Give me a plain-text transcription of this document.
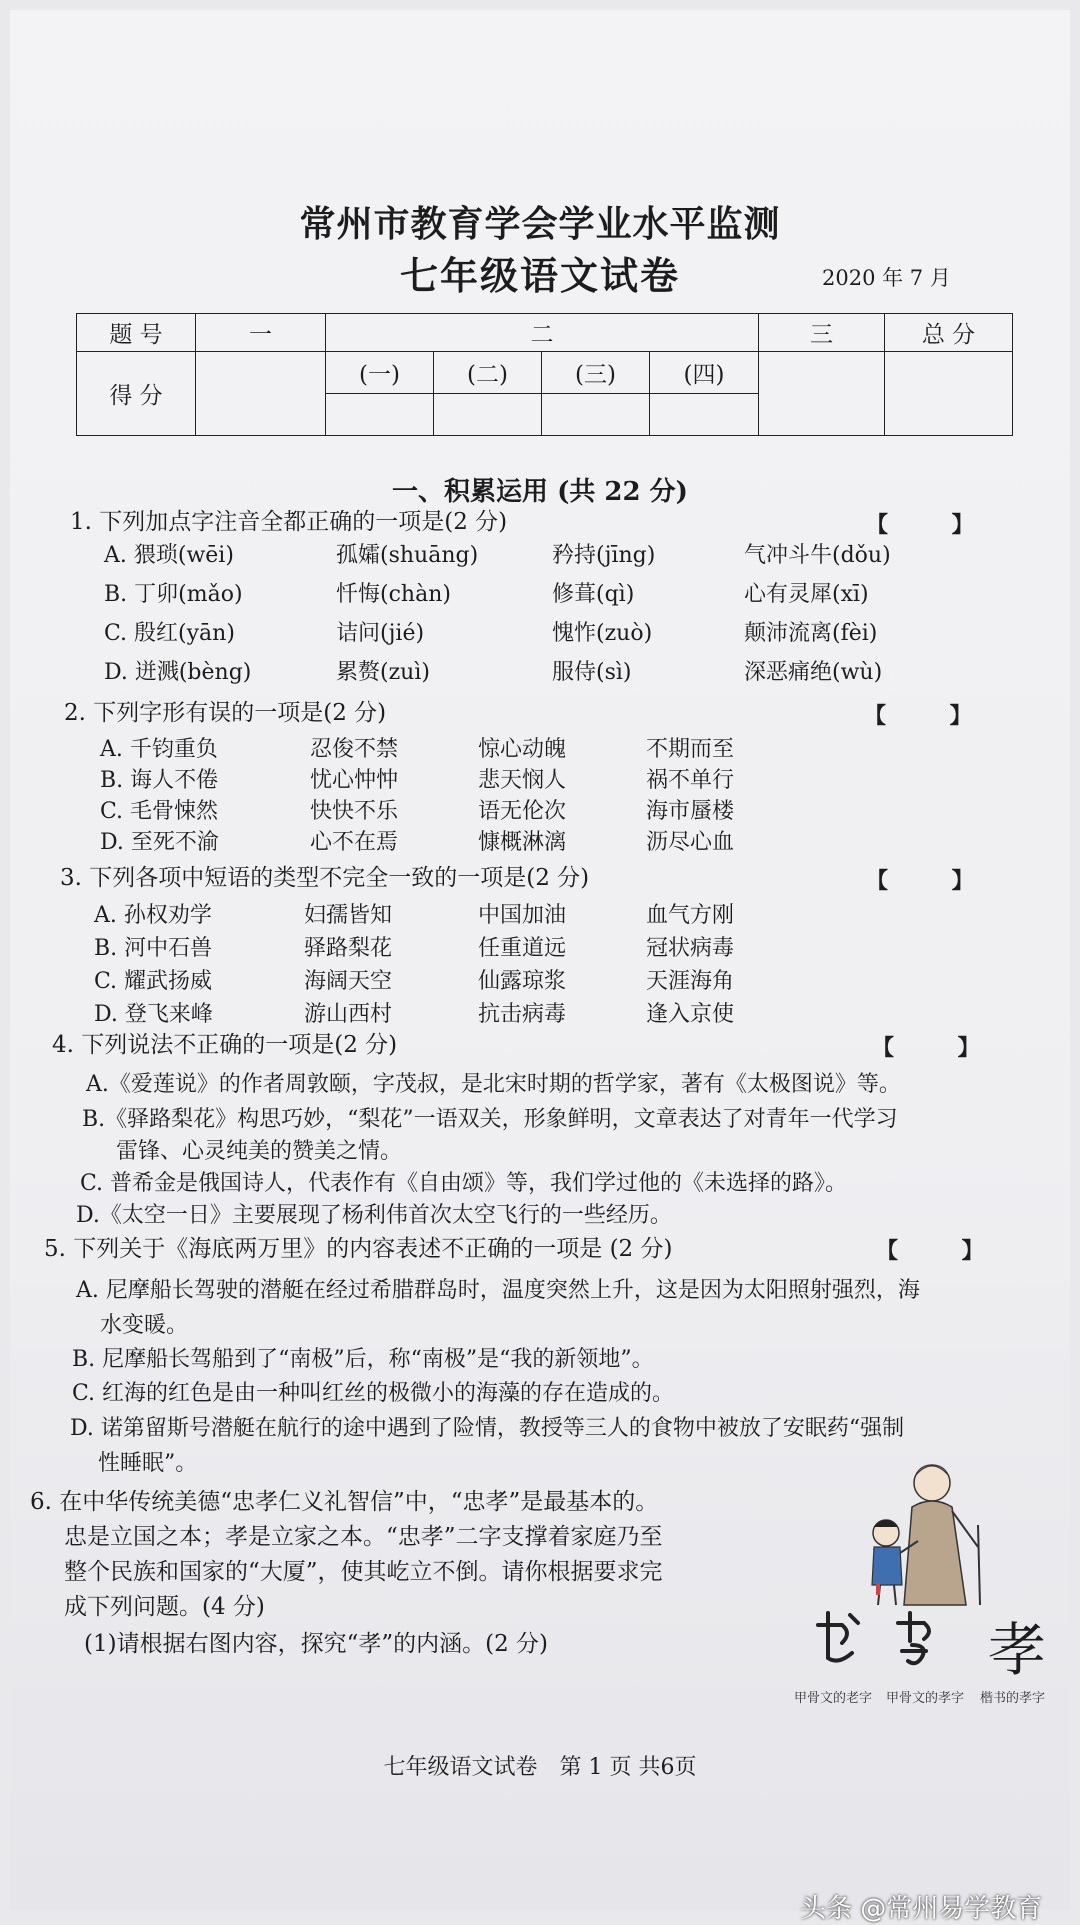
常州市教育学会学业水平监测
七年级语文试卷	2020 年 7 月
题 号	一	二				三	总 分
得 分		(一)	(二)	(三)	(四)		

一、积累运用 (共 22 分)
1. 下列加点字注音全都正确的一项是(2 分)	【 】
A. 猥琐(wēi)	孤孀(shuāng)	矜持(jīng)	气冲斗牛(dǒu)
B. 丁卯(mǎo)	忏悔(chàn)	修葺(qì)	心有灵犀(xī)
C. 殷红(yān)	诘问(jié)	愧怍(zuò)	颠沛流离(fèi)
D. 迸溅(bèng)	累赘(zuì)	服侍(sì)	深恶痛绝(wù)
2. 下列字形有误的一项是(2 分)	【 】
A. 千钧重负	忍俊不禁	惊心动魄	不期而至
B. 诲人不倦	忧心忡忡	悲天悯人	祸不单行
C. 毛骨悚然	快快不乐	语无伦次	海市蜃楼
D. 至死不渝	心不在焉	慷概淋漓	沥尽心血
3. 下列各项中短语的类型不完全一致的一项是(2 分)	【 】
A. 孙权劝学	妇孺皆知	中国加油	血气方刚
B. 河中石兽	驿路梨花	任重道远	冠状病毒
C. 耀武扬威	海阔天空	仙露琼浆	天涯海角
D. 登飞来峰	游山西村	抗击病毒	逢入京使
4. 下列说法不正确的一项是(2 分)	【 】
A.《爱莲说》的作者周敦颐，字茂叔，是北宋时期的哲学家，著有《太极图说》等。
B.《驿路梨花》构思巧妙，“梨花”一语双关，形象鲜明，文章表达了对青年一代学习
雷锋、心灵纯美的赞美之情。
C. 普希金是俄国诗人，代表作有《自由颂》等，我们学过他的《未选择的路》。
D.《太空一日》主要展现了杨利伟首次太空飞行的一些经历。
5. 下列关于《海底两万里》的内容表述不正确的一项是 (2 分)	【 】
A. 尼摩船长驾驶的潜艇在经过希腊群岛时，温度突然上升，这是因为太阳照射强烈，海
水变暖。
B. 尼摩船长驾船到了“南极”后，称“南极”是“我的新领地”。
C. 红海的红色是由一种叫红丝的极微小的海藻的存在造成的。
D. 诺第留斯号潜艇在航行的途中遇到了险情，教授等三人的食物中被放了安眠药“强制
性睡眠”。
6. 在中华传统美德“忠孝仁义礼智信”中，“忠孝”是最基本的。
忠是立国之本；孝是立家之本。“忠孝”二字支撑着家庭乃至
整个民族和国家的“大厦”，使其屹立不倒。请你根据要求完
成下列问题。(4 分)
(1)请根据右图内容，探究“孝”的内涵。(2 分)	孝
甲骨文的老字 甲骨文的孝字 楷书的孝字
七年级语文试卷　第 1 页 共6页
头条 @常州易学教育
